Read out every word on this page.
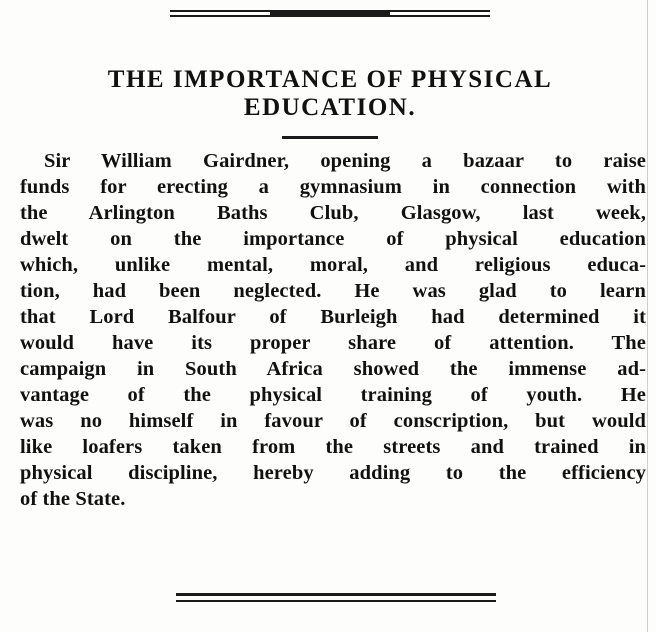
THE IMPORTANCE OF PHYSICAL
EDUCATION.
Sir William Gairdner, opening a bazaar to raise
funds for erecting a gymnasium in connection with
the Arlington Baths Club, Glasgow, last week,
dwelt on the importance of physical education
which, unlike mental, moral, and religious educa-
tion, had been neglected. He was glad to learn
that Lord Balfour of Burleigh had determined it
would have its proper share of attention. The
campaign in South Africa showed the immense ad-
vantage of the physical training of youth. He
was no himself in favour of conscription, but would
like loafers taken from the streets and trained in
physical discipline, hereby adding to the efficiency
of the State.
